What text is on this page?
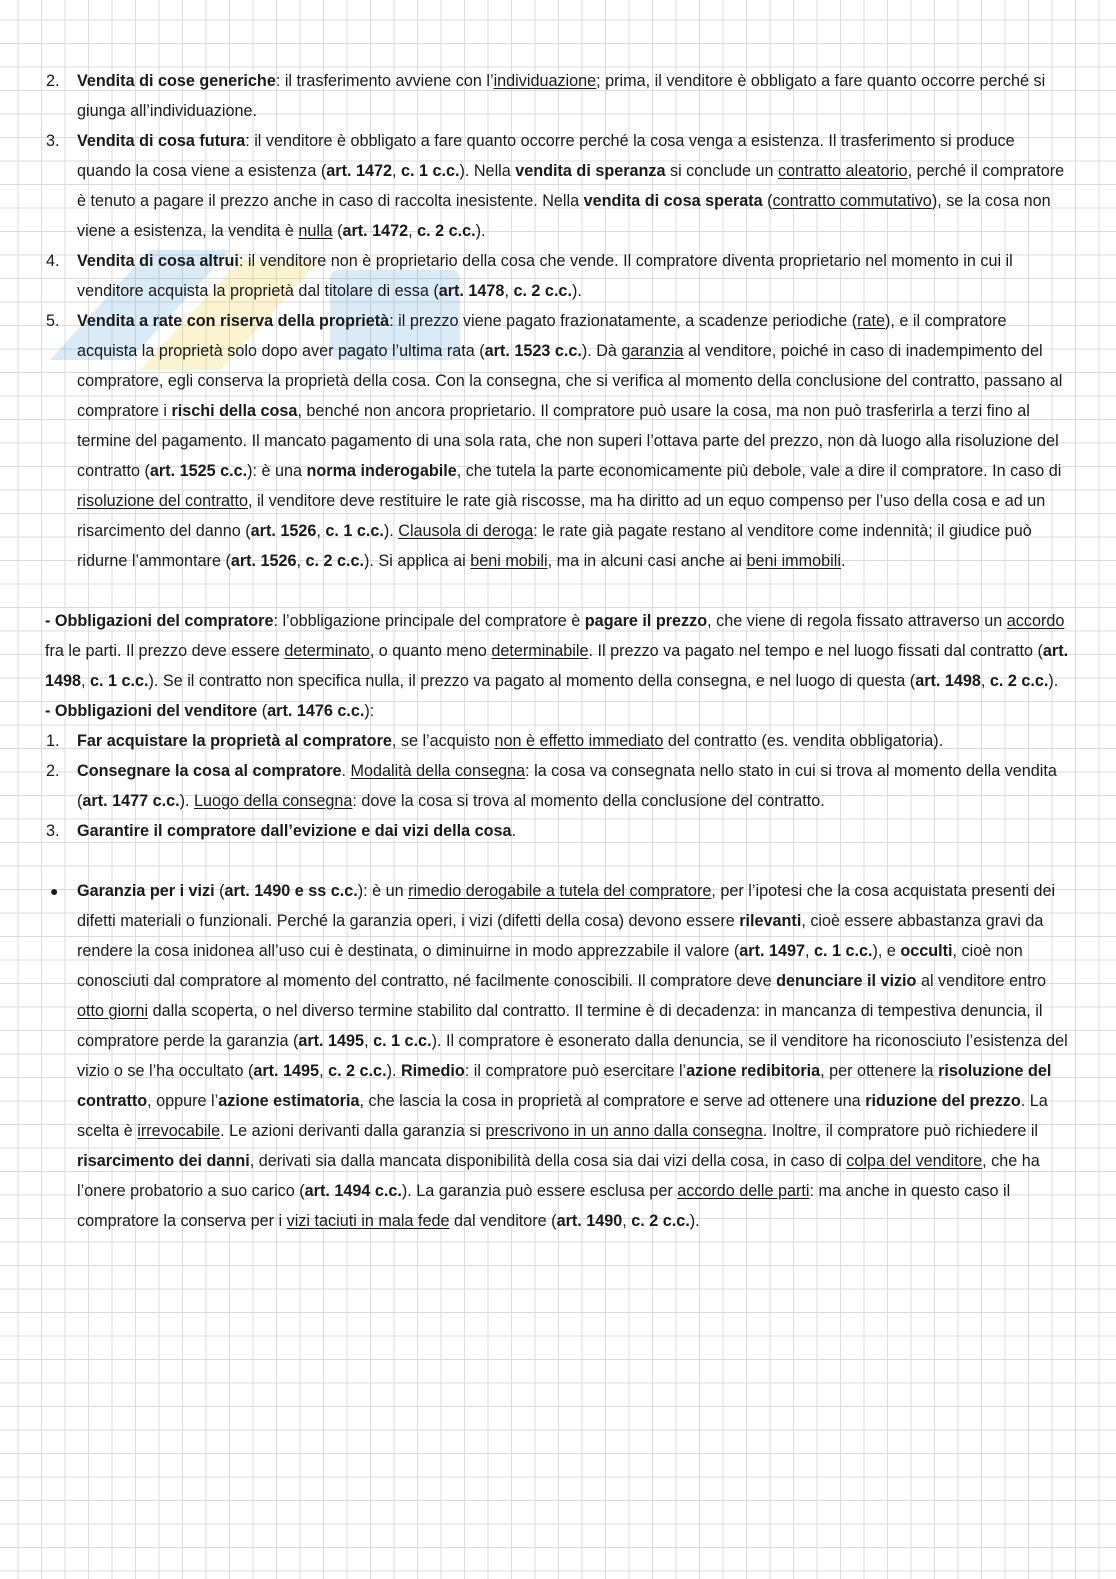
2. Vendita di cose generiche: il trasferimento avviene con l’individuazione; prima, il venditore è obbligato a fare quanto occorre perché si giunga all’individuazione.
3. Vendita di cosa futura: il venditore è obbligato a fare quanto occorre perché la cosa venga a esistenza. Il trasferimento si produce quando la cosa viene a esistenza (art. 1472, c. 1 c.c.). Nella vendita di speranza si conclude un contratto aleatorio, perché il compratore è tenuto a pagare il prezzo anche in caso di raccolta inesistente. Nella vendita di cosa sperata (contratto commutativo), se la cosa non viene a esistenza, la vendita è nulla (art. 1472, c. 2 c.c.).
4. Vendita di cosa altrui: il venditore non è proprietario della cosa che vende. Il compratore diventa proprietario nel momento in cui il venditore acquista la proprietà dal titolare di essa (art. 1478, c. 2 c.c.).
5. Vendita a rate con riserva della proprietà: il prezzo viene pagato frazionatamente, a scadenze periodiche (rate), e il compratore acquista la proprietà solo dopo aver pagato l’ultima rata (art. 1523 c.c.). Dà garanzia al venditore, poiché in caso di inadempimento del compratore, egli conserva la proprietà della cosa. Con la consegna, che si verifica al momento della conclusione del contratto, passano al compratore i rischi della cosa, benché non ancora proprietario. Il compratore può usare la cosa, ma non può trasferirla a terzi fino al termine del pagamento. Il mancato pagamento di una sola rata, che non superi l’ottava parte del prezzo, non dà luogo alla risoluzione del contratto (art. 1525 c.c.): è una norma inderogabile, che tutela la parte economicamente più debole, vale a dire il compratore. In caso di risoluzione del contratto, il venditore deve restituire le rate già riscosse, ma ha diritto ad un equo compenso per l’uso della cosa e ad un risarcimento del danno (art. 1526, c. 1 c.c.). Clausola di deroga: le rate già pagate restano al venditore come indennità; il giudice può ridurne l’ammontare (art. 1526, c. 2 c.c.). Si applica ai beni mobili, ma in alcuni casi anche ai beni immobili.
- Obbligazioni del compratore: l’obbligazione principale del compratore è pagare il prezzo, che viene di regola fissato attraverso un accordo fra le parti. Il prezzo deve essere determinato, o quanto meno determinabile. Il prezzo va pagato nel tempo e nel luogo fissati dal contratto (art. 1498, c. 1 c.c.). Se il contratto non specifica nulla, il prezzo va pagato al momento della consegna, e nel luogo di questa (art. 1498, c. 2 c.c.).
- Obbligazioni del venditore (art. 1476 c.c.):
1. Far acquistare la proprietà al compratore, se l’acquisto non è effetto immediato del contratto (es. vendita obbligatoria).
2. Consegnare la cosa al compratore. Modalità della consegna: la cosa va consegnata nello stato in cui si trova al momento della vendita (art. 1477 c.c.). Luogo della consegna: dove la cosa si trova al momento della conclusione del contratto.
3. Garantire il compratore dall’evizione e dai vizi della cosa.
● Garanzia per i vizi (art. 1490 e ss c.c.): è un rimedio derogabile a tutela del compratore, per l’ipotesi che la cosa acquistata presenti dei difetti materiali o funzionali. Perché la garanzia operi, i vizi (difetti della cosa) devono essere rilevanti, cioè essere abbastanza gravi da rendere la cosa inidonea all’uso cui è destinata, o diminuirne in modo apprezzabile il valore (art. 1497, c. 1 c.c.), e occulti, cioè non conosciuti dal compratore al momento del contratto, né facilmente conoscibili. Il compratore deve denunciare il vizio al venditore entro otto giorni dalla scoperta, o nel diverso termine stabilito dal contratto. Il termine è di decadenza: in mancanza di tempestiva denuncia, il compratore perde la garanzia (art. 1495, c. 1 c.c.). Il compratore è esonerato dalla denuncia, se il venditore ha riconosciuto l’esistenza del vizio o se l’ha occultato (art. 1495, c. 2 c.c.). Rimedio: il compratore può esercitare l’azione redibitoria, per ottenere la risoluzione del contratto, oppure l’azione estimatoria, che lascia la cosa in proprietà al compratore e serve ad ottenere una riduzione del prezzo. La scelta è irrevocabile. Le azioni derivanti dalla garanzia si prescrivono in un anno dalla consegna. Inoltre, il compratore può richiedere il risarcimento dei danni, derivati sia dalla mancata disponibilità della cosa sia dai vizi della cosa, in caso di colpa del venditore, che ha l’onere probatorio a suo carico (art. 1494 c.c.). La garanzia può essere esclusa per accordo delle parti: ma anche in questo caso il compratore la conserva per i vizi taciuti in mala fede dal venditore (art. 1490, c. 2 c.c.).
